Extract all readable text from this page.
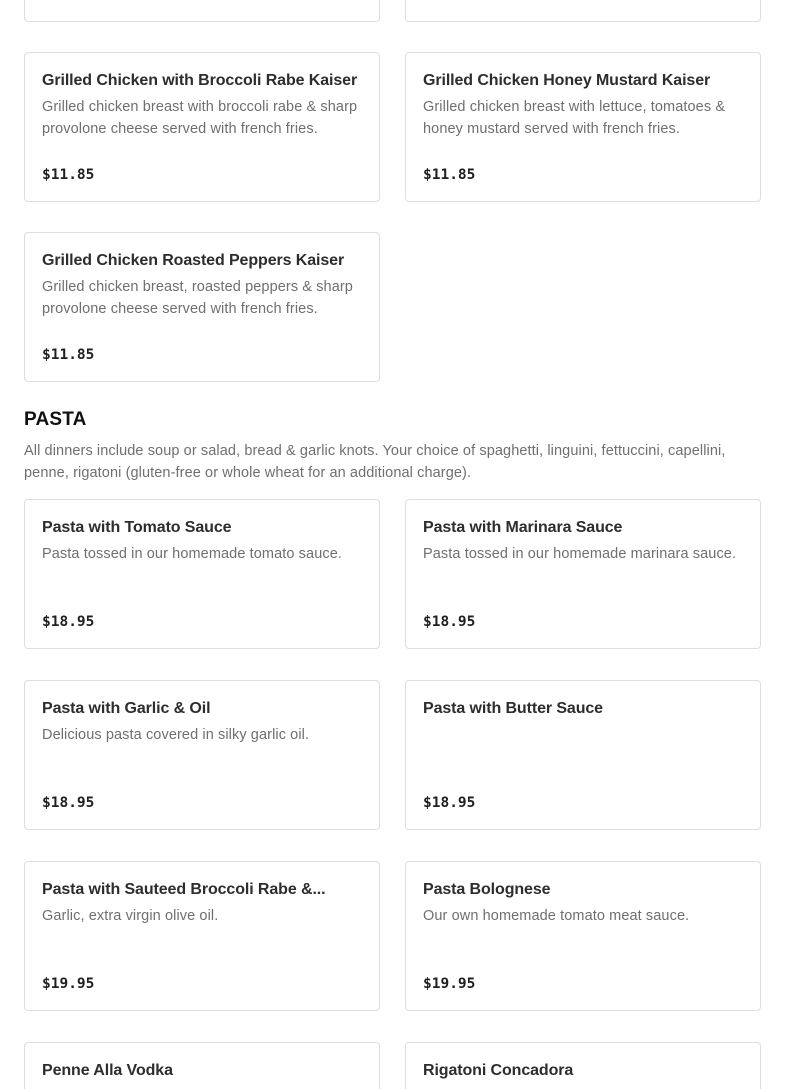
Grilled Chicken with Broccoli Rabe Kaiser

Grilled chicken breast with broccoli rabe & sharp provolone cheese served with french fries.

$11.85
Grilled Chicken Honey Mustard Kaiser

Grilled chicken breast with lettuce, tomatoes & honey mustard served with french fries.

$11.85
Grilled Chicken Roasted Peppers Kaiser

Grilled chicken breast, roasted peppers & sharp provolone cheese served with french fries.

$11.85
PASTA

All dinners include soup or salad, bread & garlic knots. Your choice of spaghetti, linguini, fettuccini, capellini, penne, rigatoni (gluten-free or whole wheat for an additional charge).

Pasta with Tomato Sauce

Pasta tossed in our homemade tomato sauce.

$18.95
Pasta with Marinara Sauce

Pasta tossed in our homemade marinara sauce.

$18.95
Pasta with Garlic & Oil

Delicious pasta covered in silky garlic oil.

$18.95
Pasta with Butter Sauce

$18.95
Pasta with Sauteed Broccoli Rabe &...

Garlic, extra virgin olive oil.

$19.95
Pasta Bolognese

Our own homemade tomato meat sauce.

$19.95
Penne Alla Vodka	Rigatoni Concadora
